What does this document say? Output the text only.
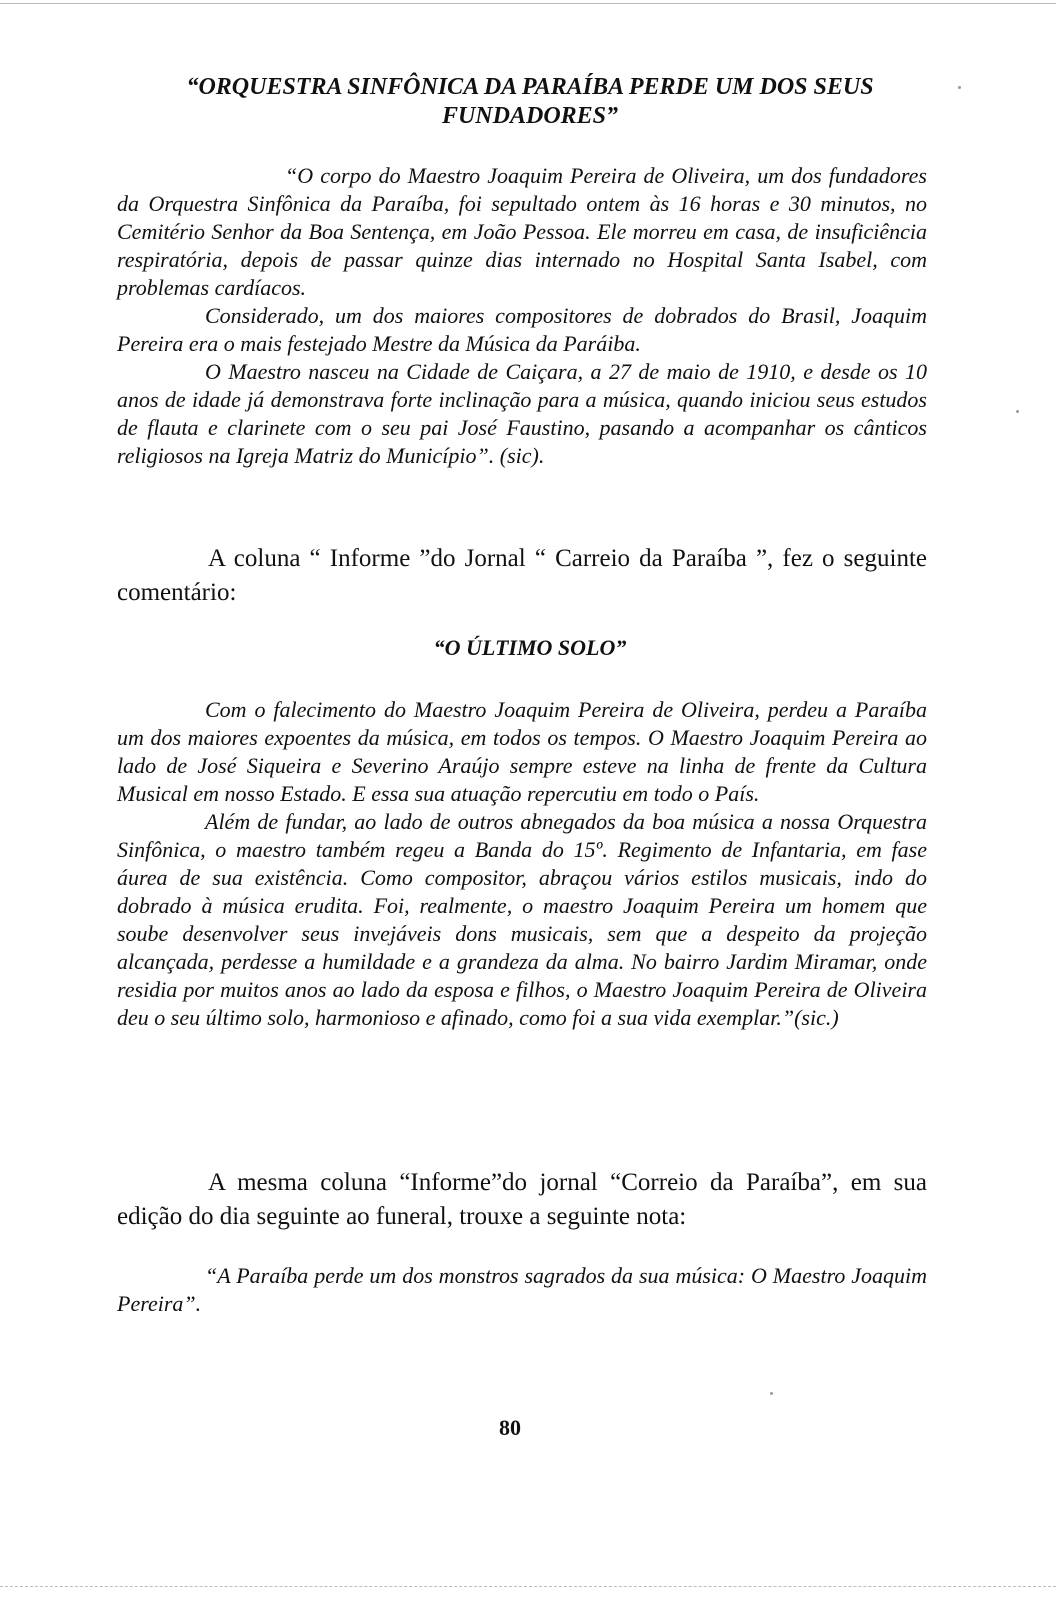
“ORQUESTRA SINFÔNICA DA PARAÍBA PERDE UM DOS SEUS FUNDADORES”

“O corpo do Maestro Joaquim Pereira de Oliveira, um dos fundadores da Orquestra Sinfônica da Paraíba, foi sepultado ontem às 16 horas e 30 minutos, no Cemitério Senhor da Boa Sentença, em João Pessoa. Ele morreu em casa, de insuficiência respiratória, depois de passar quinze dias internado no Hospital Santa Isabel, com problemas cardíacos.

Considerado, um dos maiores compositores de dobrados do Brasil, Joaquim Pereira era o mais festejado Mestre da Música da Paráiba.

O Maestro nasceu na Cidade de Caiçara, a 27 de maio de 1910, e desde os 10 anos de idade já demonstrava forte inclinação para a música, quando iniciou seus estudos de flauta e clarinete com o seu pai José Faustino, pasando a acompanhar os cânticos religiosos na Igreja Matriz do Município”. (sic).

A coluna “ Informe ”do Jornal “ Carreio da Paraíba ”, fez o seguinte comentário:

“O ÚLTIMO SOLO”

Com o falecimento do Maestro Joaquim Pereira de Oliveira, perdeu a Paraíba um dos maiores expoentes da música, em todos os tempos. O Maestro Joaquim Pereira ao lado de José Siqueira e Severino Araújo sempre esteve na linha de frente da Cultura Musical em nosso Estado. E essa sua atuação repercutiu em todo o País.

Além de fundar, ao lado de outros abnegados da boa música a nossa Orquestra Sinfônica, o maestro também regeu a Banda do 15º. Regimento de Infantaria, em fase áurea de sua existência. Como compositor, abraçou vários estilos musicais, indo do dobrado à música erudita. Foi, realmente, o maestro Joaquim Pereira um homem que soube desenvolver seus invejáveis dons musicais, sem que a despeito da projeção alcançada, perdesse a humildade e a grandeza da alma. No bairro Jardim Miramar, onde residia por muitos anos ao lado da esposa e filhos, o Maestro Joaquim Pereira de Oliveira deu o seu último solo, harmonioso e afinado, como foi a sua vida exemplar.”(sic.)

A mesma coluna “Informe”do jornal “Correio da Paraíba”, em sua edição do dia seguinte ao funeral, trouxe a seguinte nota:

“A Paraíba perde um dos monstros sagrados da sua música: O Maestro Joaquim Pereira”.

80
